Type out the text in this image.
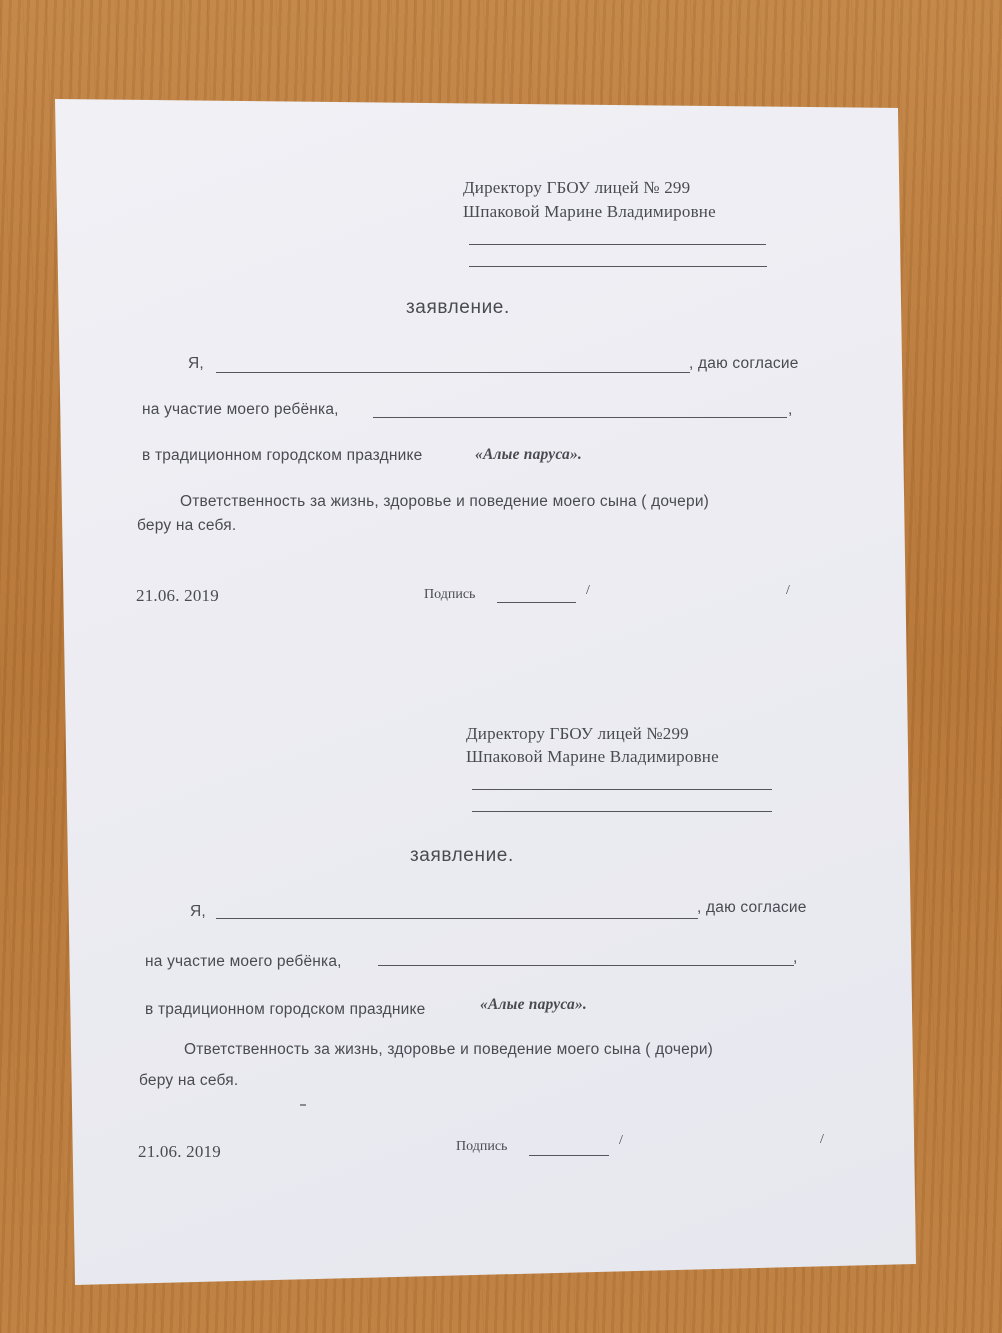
Директору ГБОУ лицей № 299
Шпаковой Марине Владимировне
заявление.
Я,	, даю согласие
на участие моего ребёнка,	,
в традиционном городском празднике	«Алые паруса».
Ответственность за жизнь, здоровье и поведение моего сына ( дочери)
беру на себя.
21.06. 2019	Подпись	/	/
Директору ГБОУ лицей №299
Шпаковой Марине Владимировне
заявление.
Я,	, даю согласие
на участие моего ребёнка,	,
в традиционном городском празднике	«Алые паруса».
Ответственность за жизнь, здоровье и поведение моего сына ( дочери)
беру на себя.
21.06. 2019	Подпись	/	/
